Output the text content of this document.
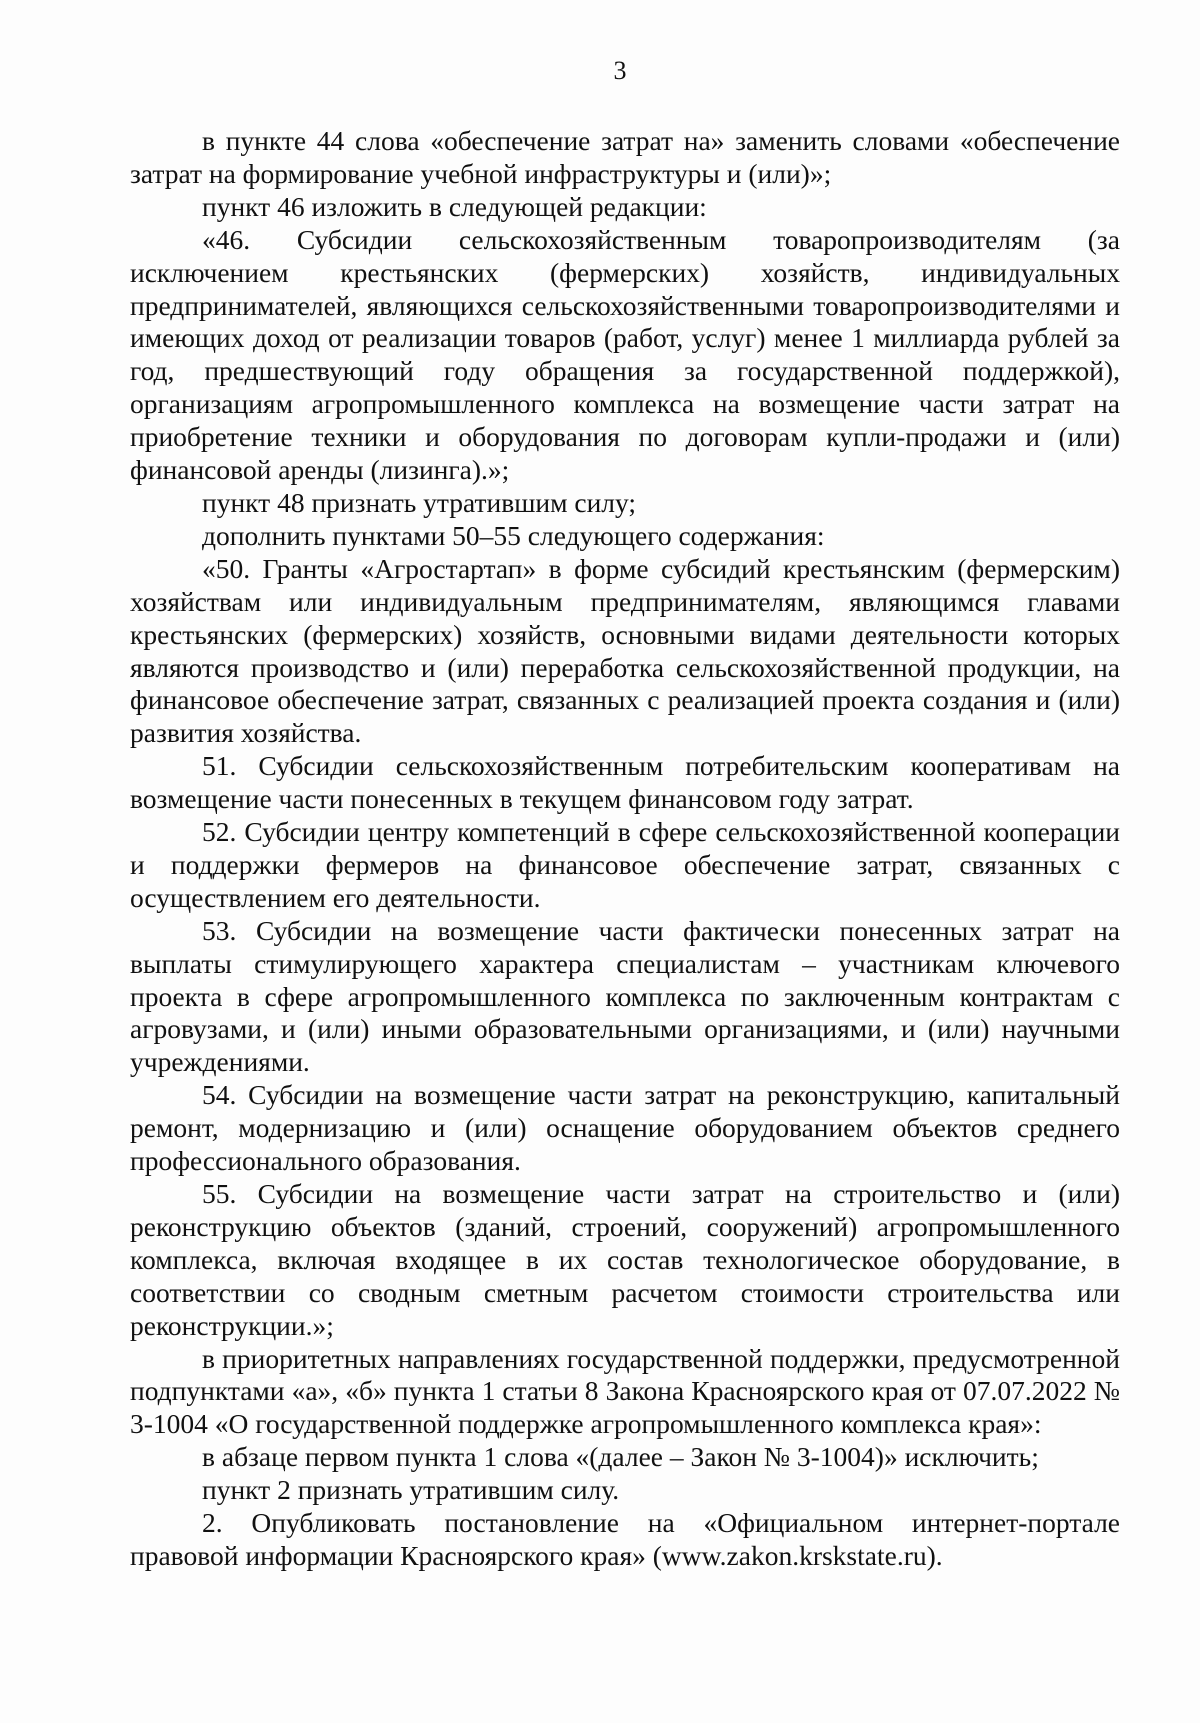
3

в пункте 44 слова «обеспечение затрат на» заменить словами «обеспечение затрат на формирование учебной инфраструктуры и (или)»;

пункт 46 изложить в следующей редакции:

«46. Субсидии сельскохозяйственным товаропроизводителям (за исключением крестьянских (фермерских) хозяйств, индивидуальных предпринимателей, являющихся сельскохозяйственными товаропроизводителями и имеющих доход от реализации товаров (работ, услуг) менее 1 миллиарда рублей за год, предшествующий году обращения за государственной поддержкой), организациям агропромышленного комплекса на возмещение части затрат на приобретение техники и оборудования по договорам купли-продажи и (или) финансовой аренды (лизинга).»;

пункт 48 признать утратившим силу;

дополнить пунктами 50–55 следующего содержания:

«50. Гранты «Агростартап» в форме субсидий крестьянским (фермерским) хозяйствам или индивидуальным предпринимателям, являющимся главами крестьянских (фермерских) хозяйств, основными видами деятельности которых являются производство и (или) переработка сельскохозяйственной продукции, на финансовое обеспечение затрат, связанных с реализацией проекта создания и (или) развития хозяйства.

51. Субсидии сельскохозяйственным потребительским кооперативам на возмещение части понесенных в текущем финансовом году затрат.

52. Субсидии центру компетенций в сфере сельскохозяйственной кооперации и поддержки фермеров на финансовое обеспечение затрат, связанных с осуществлением его деятельности.

53. Субсидии на возмещение части фактически понесенных затрат на выплаты стимулирующего характера специалистам – участникам ключевого проекта в сфере агропромышленного комплекса по заключенным контрактам с агровузами, и (или) иными образовательными организациями, и (или) научными учреждениями.

54. Субсидии на возмещение части затрат на реконструкцию, капитальный ремонт, модернизацию и (или) оснащение оборудованием объектов среднего профессионального образования.

55. Субсидии на возмещение части затрат на строительство и (или) реконструкцию объектов (зданий, строений, сооружений) агропромышленного комплекса, включая входящее в их состав технологическое оборудование, в соответствии со сводным сметным расчетом стоимости строительства или реконструкции.»;

в приоритетных направлениях государственной поддержки, предусмотренной подпунктами «а», «б» пункта 1 статьи 8 Закона Красноярского края от 07.07.2022 № 3-1004 «О государственной поддержке агропромышленного комплекса края»:

в абзаце первом пункта 1 слова «(далее – Закон № 3-1004)» исключить;

пункт 2 признать утратившим силу.

2. Опубликовать постановление на «Официальном интернет-портале правовой информации Красноярского края» (www.zakon.krskstate.ru).
